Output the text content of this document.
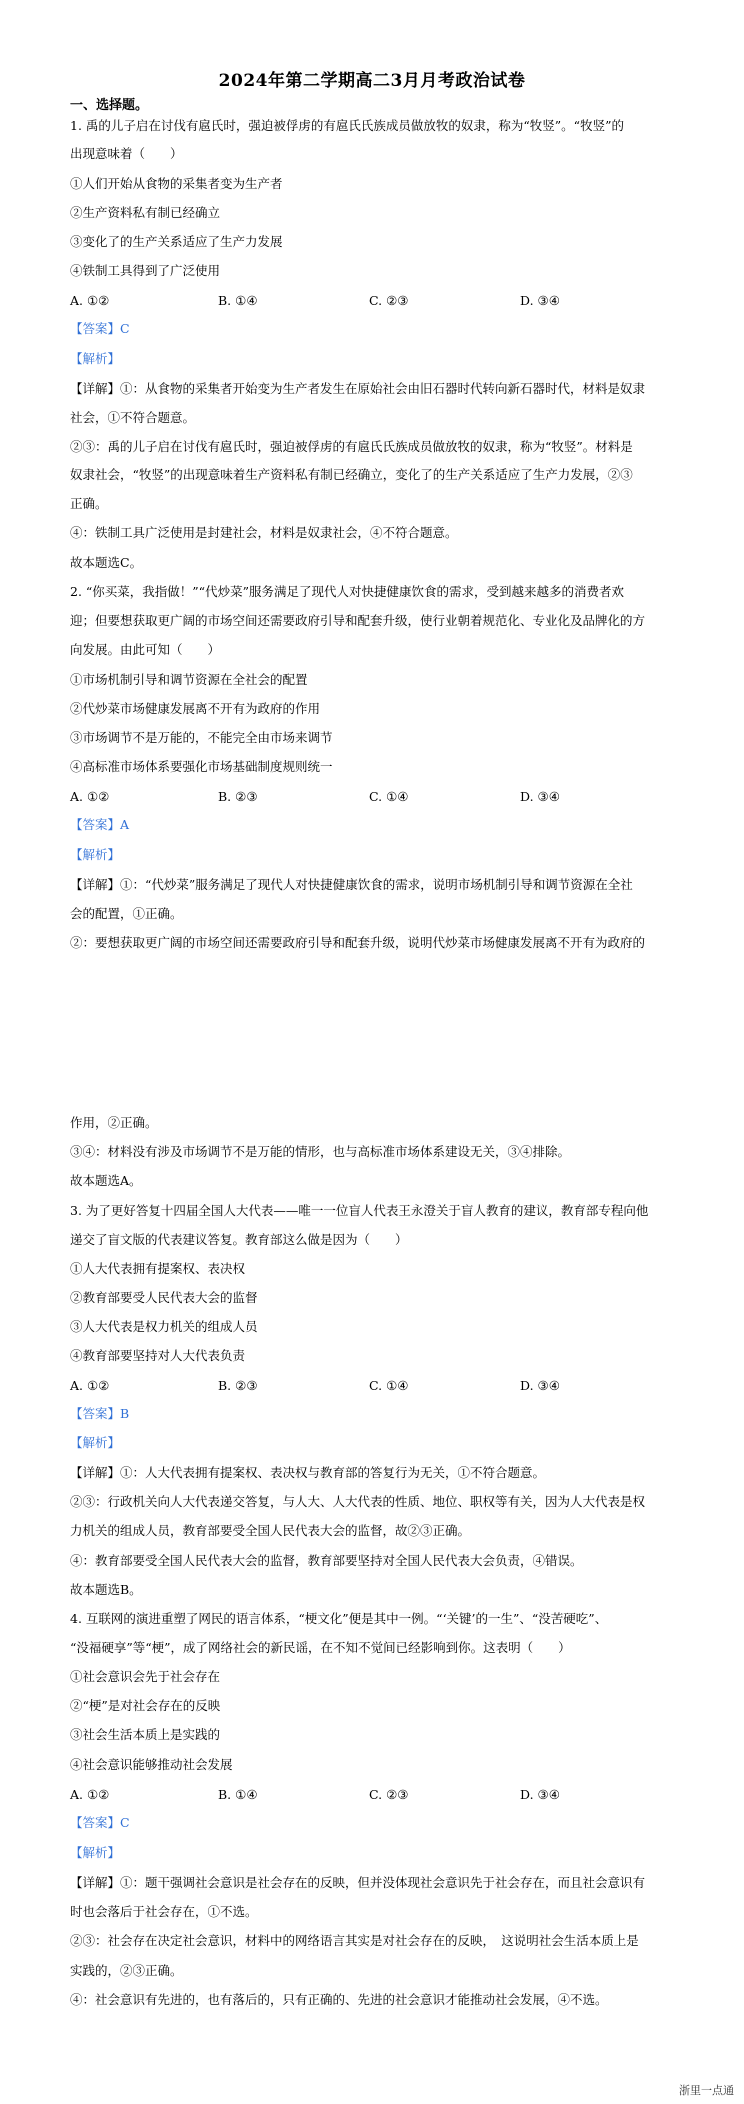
2024年第二学期高二3月月考政治试卷
一、选择题。
1. 禹的儿子启在讨伐有扈氏时，强迫被俘虏的有扈氏氏族成员做放牧的奴隶，称为“牧竖”。“牧竖”的
出现意味着（　　）
①人们开始从食物的采集者变为生产者
②生产资料私有制已经确立
③变化了的生产关系适应了生产力发展
④铁制工具得到了广泛使用
A. ①②	B. ①④	C. ②③	D. ③④
【答案】C
【解析】
【详解】①：从食物的采集者开始变为生产者发生在原始社会由旧石器时代转向新石器时代，材料是奴隶
社会，①不符合题意。
②③：禹的儿子启在讨伐有扈氏时，强迫被俘虏的有扈氏氏族成员做放牧的奴隶，称为“牧竖”。材料是
奴隶社会，“牧竖”的出现意味着生产资料私有制已经确立，变化了的生产关系适应了生产力发展，②③
正确。
④：铁制工具广泛使用是封建社会，材料是奴隶社会，④不符合题意。
故本题选C。
2. “你买菜，我指做！”“代炒菜”服务满足了现代人对快捷健康饮食的需求，受到越来越多的消费者欢
迎；但要想获取更广阔的市场空间还需要政府引导和配套升级，使行业朝着规范化、专业化及品牌化的方
向发展。由此可知（　　）
①市场机制引导和调节资源在全社会的配置
②代炒菜市场健康发展离不开有为政府的作用
③市场调节不是万能的，不能完全由市场来调节
④高标准市场体系要强化市场基础制度规则统一
A. ①②	B. ②③	C. ①④	D. ③④
【答案】A
【解析】
【详解】①：“代炒菜”服务满足了现代人对快捷健康饮食的需求，说明市场机制引导和调节资源在全社
会的配置，①正确。
②：要想获取更广阔的市场空间还需要政府引导和配套升级，说明代炒菜市场健康发展离不开有为政府的
作用，②正确。
③④：材料没有涉及市场调节不是万能的情形，也与高标准市场体系建设无关，③④排除。
故本题选A。
3. 为了更好答复十四届全国人大代表——唯一一位盲人代表王永澄关于盲人教育的建议，教育部专程向他
递交了盲文版的代表建议答复。教育部这么做是因为（　　）
①人大代表拥有提案权、表决权
②教育部要受人民代表大会的监督
③人大代表是权力机关的组成人员
④教育部要坚持对人大代表负责
A. ①②	B. ②③	C. ①④	D. ③④
【答案】B
【解析】
【详解】①：人大代表拥有提案权、表决权与教育部的答复行为无关，①不符合题意。
②③：行政机关向人大代表递交答复，与人大、人大代表的性质、地位、职权等有关，因为人大代表是权
力机关的组成人员，教育部要受全国人民代表大会的监督，故②③正确。
④：教育部要受全国人民代表大会的监督，教育部要坚持对全国人民代表大会负责，④错误。
故本题选B。
4. 互联网的演进重塑了网民的语言体系，“梗文化”便是其中一例。“‘关键’的一生”、“没苦硬吃”、
“没福硬享”等“梗”，成了网络社会的新民谣，在不知不觉间已经影响到你。这表明（　　）
①社会意识会先于社会存在
②“梗”是对社会存在的反映
③社会生活本质上是实践的
④社会意识能够推动社会发展
A. ①②	B. ①④	C. ②③	D. ③④
【答案】C
【解析】
【详解】①：题干强调社会意识是社会存在的反映，但并没体现社会意识先于社会存在，而且社会意识有
时也会落后于社会存在，①不选。
②③：社会存在决定社会意识，材料中的网络语言其实是对社会存在的反映，　这说明社会生活本质上是
实践的，②③正确。
④：社会意识有先进的，也有落后的，只有正确的、先进的社会意识才能推动社会发展，④不选。
浙里一点通
